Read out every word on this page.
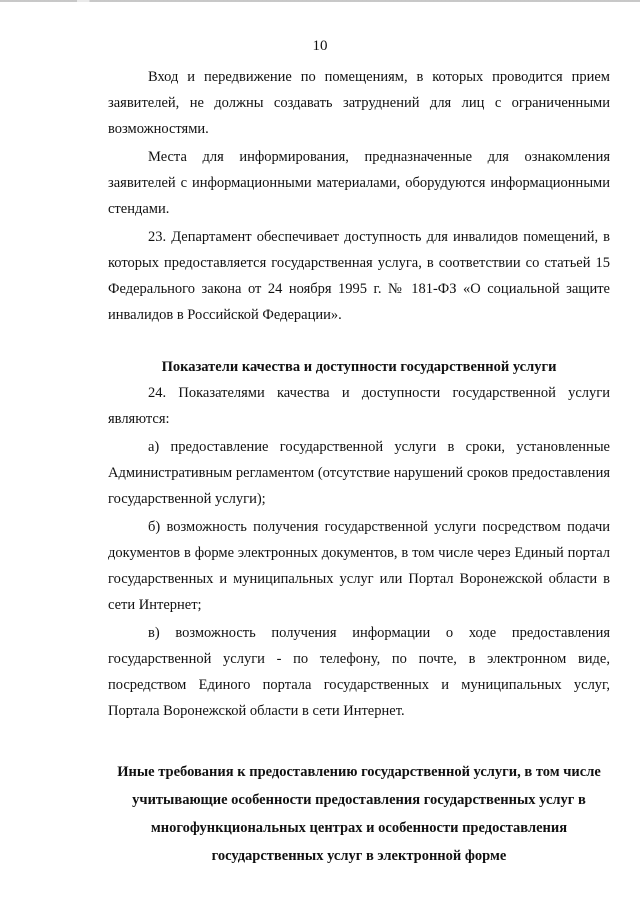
10

Вход и передвижение по помещениям, в которых проводится прием заявителей, не должны создавать затруднений для лиц с ограниченными возможностями.

Места для информирования, предназначенные для ознакомления заявителей с информационными материалами, оборудуются информационными стендами.

23. Департамент обеспечивает доступность для инвалидов помещений, в которых предоставляется государственная услуга, в соответствии со статьей 15 Федерального закона от 24 ноября 1995 г. № 181-ФЗ «О социальной защите инвалидов в Российской Федерации».

Показатели качества и доступности государственной услуги

24. Показателями качества и доступности государственной услуги являются:

а) предоставление государственной услуги в сроки, установленные Административным регламентом (отсутствие нарушений сроков предоставления государственной услуги);

б) возможность получения государственной услуги посредством подачи документов в форме электронных документов, в том числе через Единый портал государственных и муниципальных услуг или Портал Воронежской области в сети Интернет;

в) возможность получения информации о ходе предоставления государственной услуги - по телефону, по почте, в электронном виде, посредством Единого портала государственных и муниципальных услуг, Портала Воронежской области в сети Интернет.

Иные требования к предоставлению государственной услуги, в том числе учитывающие особенности предоставления государственных услуг в многофункциональных центрах и особенности предоставления государственных услуг в электронной форме
